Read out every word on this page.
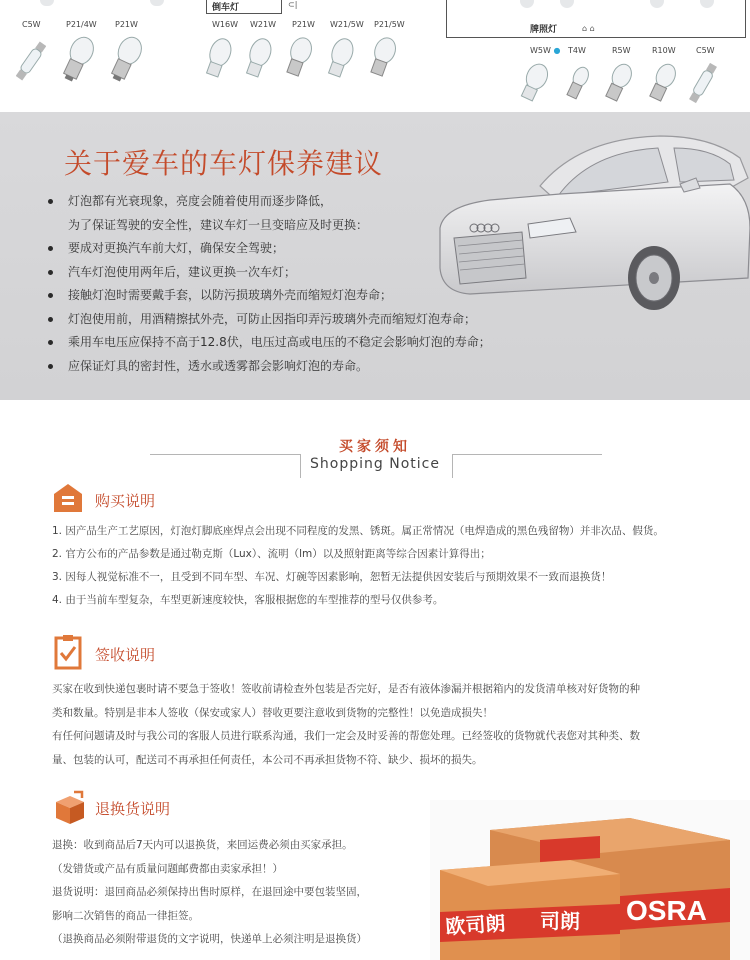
C5W	P21/4W P21W
倒车灯	⊂|
W16W W21W P21W W21/5W P21/5W
牌照灯	⌂ ⌂
W5W ● T4W	R5W	R10W	C5W
关于爱车的车灯保养建议
灯泡都有光衰现象，亮度会随着使用而逐步降低，
为了保证驾驶的安全性，建议车灯一旦变暗应及时更换：
要成对更换汽车前大灯，确保安全驾驶；
汽车灯泡使用两年后，建议更换一次车灯；
接触灯泡时需要戴手套，以防污损玻璃外壳而缩短灯泡寿命；
灯泡使用前，用酒精擦拭外壳，可防止因指印弄污玻璃外壳而缩短灯泡寿命；
乘用车电压应保持不高于12.8伏，电压过高或电压的不稳定会影响灯泡的寿命；
应保证灯具的密封性，透水或透雾都会影响灯泡的寿命。
买家须知
Shopping Notice
购买说明

1. 因产品生产工艺原因，灯泡灯脚底座焊点会出现不同程度的发黑、锈斑。属正常情况（电焊造成的黑色残留物）并非次品、假货。

2. 官方公布的产品参数是通过勒克斯（Lux）、流明（lm）以及照射距离等综合因素计算得出；

3. 因每人视觉标准不一，且受到不同车型、车况、灯碗等因素影响，恕暂无法提供因安装后与预期效果不一致而退换货！

4. 由于当前车型复杂，车型更新速度较快，客服根据您的车型推荐的型号仅供参考。

签收说明

买家在收到快递包裹时请不要急于签收！签收前请检查外包装是否完好，是否有液体渗漏并根据箱内的发货清单核对好货物的种

类和数量。特别是非本人签收（保安或家人）替收更要注意收到货物的完整性！以免造成损失！

有任何问题请及时与我公司的客服人员进行联系沟通，我们一定会及时妥善的帮您处理。已经签收的货物就代表您对其种类、数

量、包装的认可，配送司不再承担任何责任，本公司不再承担货物不符、缺少、损坏的损失。

退换货说明

退换：收到商品后7天内可以退换货，来回运费必须由买家承担。

（发错货或产品有质量问题邮费都由卖家承担！）

退货说明：退回商品必须保持出售时原样，在退回途中要包装坚固，

影响二次销售的商品一律拒签。

（退换商品必须附带退货的文字说明，快递单上必须注明是退换货）

OSRA
司朗
欧司朗
